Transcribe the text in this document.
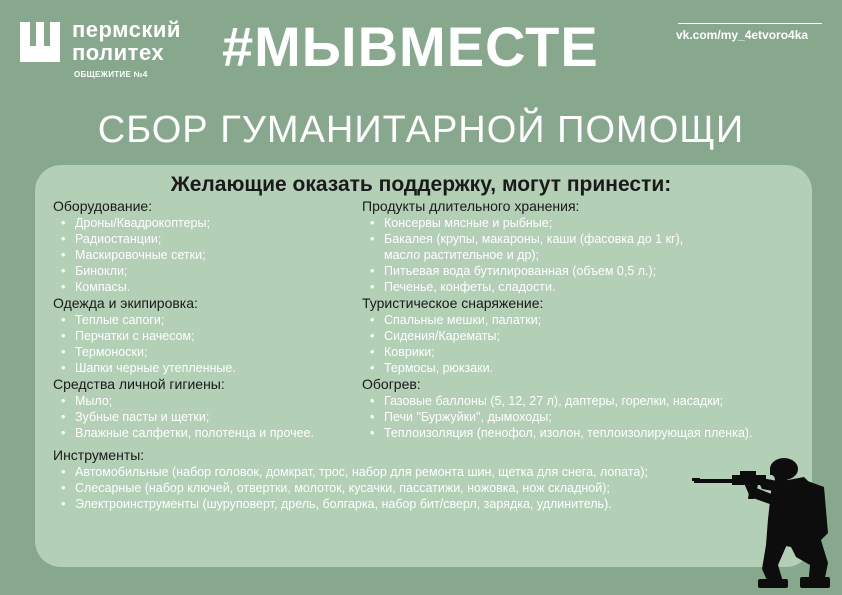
пермский
политех
ОБЩЕЖИТИЕ №4 #МЫВМЕСТЕ	vk.com/my_4etvoro4ka
СБОР ГУМАНИТАРНОЙ ПОМОЩИ
Желающие оказать поддержку, могут принести:
Оборудование:
• Дроны/Квадрокоптеры;
• Радиостанции;
• Маскировочные сетки;
• Бинокли;
• Компасы.
Одежда и экипировка:
• Теплые сапоги;
• Перчатки с начесом;
• Термоноски;
• Шапки черные утепленные.
Средства личной гигиены:
• Мыло;
• Зубные пасты и щетки;
• Влажные салфетки, полотенца и прочее.
Продукты длительного хранения:
• Консервы мясные и рыбные;
• Бакалея (крупы, макароны, каши (фасовка до 1 кг), масло растительное и др);
• Питьевая вода бутилированная (объем 0,5 л.);
• Печенье, конфеты, сладости.
Туристическое снаряжение:
• Спальные мешки, палатки;
• Сидения/Карематы;
• Коврики;
• Термосы, рюкзаки.
Обогрев:
• Газовые баллоны (5, 12, 27 л), даптеры, горелки, насадки;
• Печи "Буржуйки", дымоходы;
• Теплоизоляция (пенофол, изолон, теплоизолирующая пленка).
Инструменты:
• Автомобильные (набор головок, домкрат, трос, набор для ремонта шин, щетка для снега, лопата);
• Слесарные (набор ключей, отвертки, молоток, кусачки, пассатижи, ножовка, нож складной);
• Электроинструменты (шуруповерт, дрель, болгарка, набор бит/сверл, зарядка, удлинитель).
